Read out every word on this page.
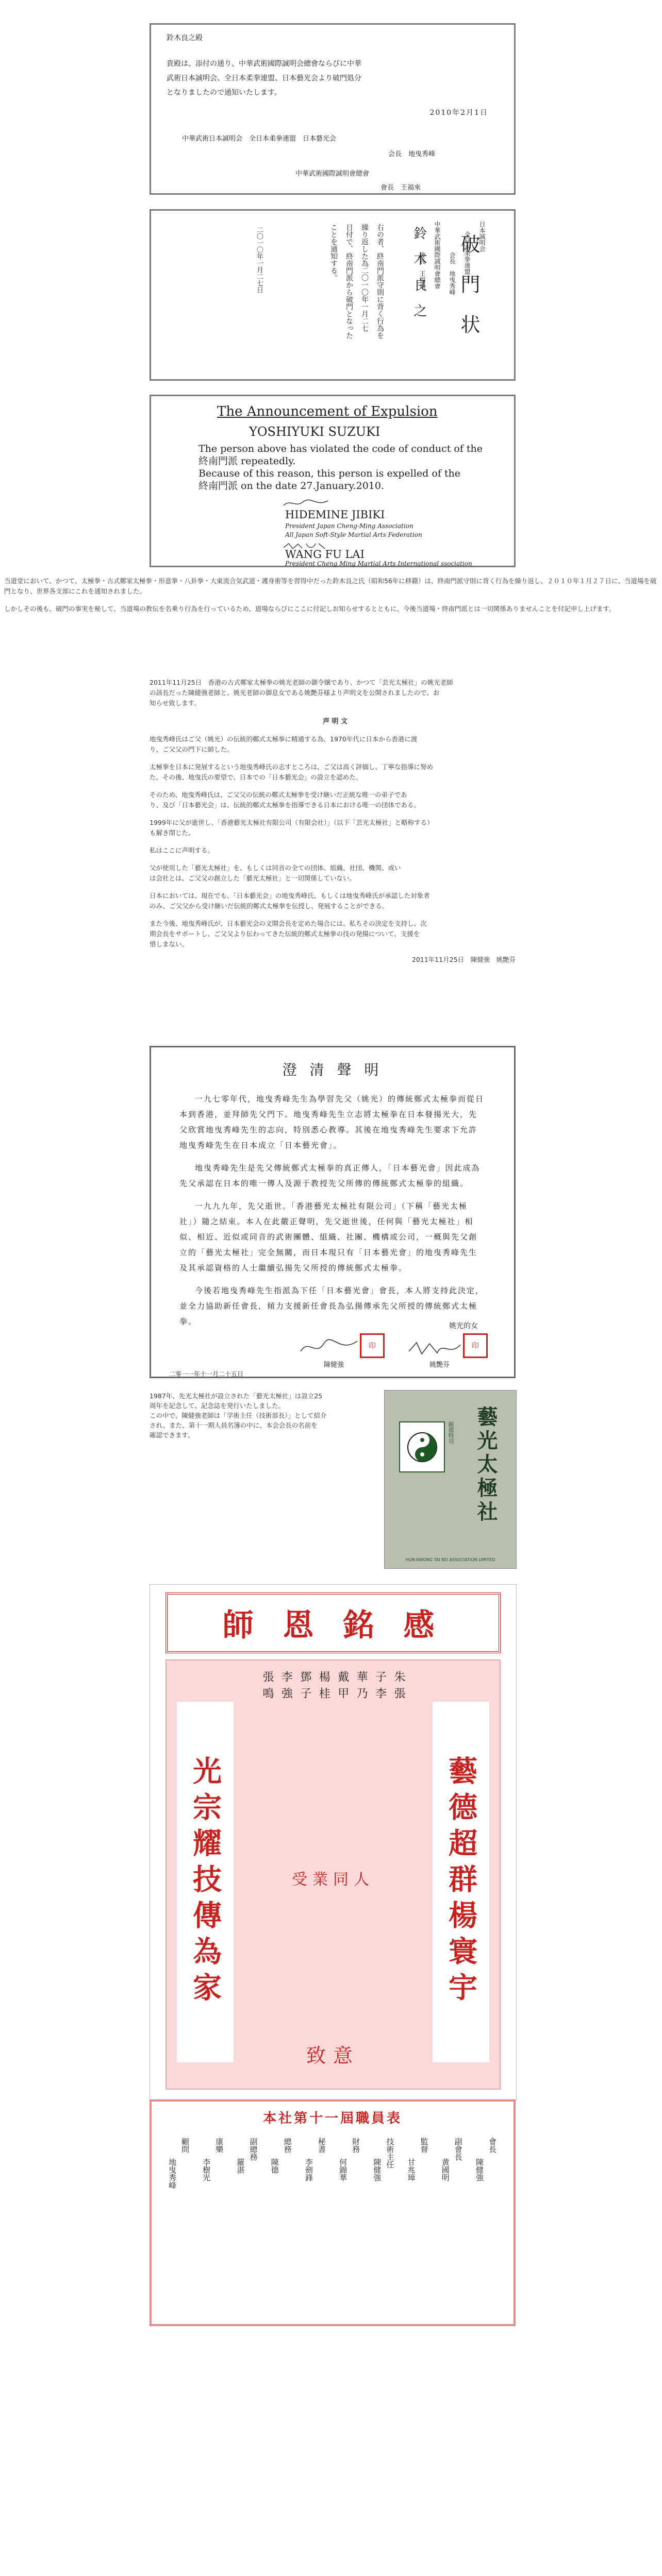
鈴木良之殿

貴殿は、添付の通り、中華武術國際誠明会總會ならびに中華

武術日本誠明会、全日本柔拳連盟、日本藝光会より破門処分

となりましたので通知いたします。

2010年2月1日
中華武術日本誠明会　全日本柔拳連盟　日本藝光会
会長　地曳秀峰
中華武術國際誠明會總會
會長　王福來
破 門 状
鈴 木 良 之
右の者、終南門派守則に背く行為を
繰り返した為二〇一〇年一月二七
日付で、終南門派から破門となった
ことを通知する。
二〇一〇年一月二七日	日本誠明会
全日本柔拳連盟
会長　地曳秀峰
中華武術國際誠明會總會
會長　王福來
The Announcement of Expulsion
YOSHIYUKI SUZUKI

The person above has violated the code of conduct of the

終南門派 repeatedly.

Because of this reason, this person is expelled of the

終南門派 on the date 27.January.2010.

HIDEMINE JIBIKI
President Japan Cheng-Ming Association
All Japan Soft-Style Martial Arts Federation
WANG FU LAI
President Cheng Ming Martial Arts International ssociation

当道堂において、かつて、太極拳・古式鄭家太極拳・形意拳・八卦拳・大東流合気武道・護身術等を習得中だった鈴木良之氏（昭和56年に移籍）は、終南門派守則に背く行為を繰り返し、２０１０年１月２７日に、当道場を破門となり、世界各支部にこれを通知されました。

しかしその後も、破門の事実を秘して、当道場の教伝を名乗り行為を行っているため、道場ならびにここに付記しお知らせするとともに、今後当道場・終南門派とは一切関係ありませんことを付記申し上げます。

2011年11月25日　香港の古式鄭家太極拳の姚光老師の御令嬢であり、かつて「芸光太極社」の姚光老師

の該長だった陳健強老師と、姚光老師の御息女である姚艶芬様より声明文を公開されましたので、お

知らせ致します。

声 明 文

地曳秀峰氏はご父（姚光）の伝統的鄭式太極拳に精通する為、1970年代に日本から香港に渡

り、ご父父の門下に師した。

太極拳を日本に発展するという地曳秀峰氏の志すところは、ご父は高く評価し、丁寧な指導に努め

た。その後、地曳氏の要望で、日本での「日本藝光会」の設立を認めた。

そのため、地曳秀峰氏は、ご父父の伝統の鄭式太極拳を受け継いだ正統な唯一の弟子であ

り、及び「日本藝光会」は、伝統的鄭式太極拳を指導できる日本における唯一の団体である。

1999年に父が逝世し、「香港藝光太極社有限公司（有限会社）」（以下「芸光太極社」と略称する）

も解き閉じた。

私はここに声明する。

父が使用した「藝光太極社」を、もしくは同音の全ての団体、組織、社団、機関、或い

は会社とは、ご父父の創立した「藝光太極社」と一切関係していない。

日本においては、現在でも、「日本藝光会」の地曳秀峰氏、もしくは地曳秀峰氏が承認した対象者

のみ、ご父父から受け継いだ伝統的鄭式太極拳を伝授し、発展することができる。

また今後、地曳秀峰氏が、日本藝光会の文開会長を定めた場合には、私ちその決定を支持し、次

期会長をサポートし、ご父父より伝わってきた伝統的鄭式太極拳の技の発揚について、支援を

惜しまない。

2011年11月25日　陳健強　姚艶芬
澄 清 聲 明

一九七零年代，地曳秀峰先生為學習先父（姚光）的傳統鄭式太極拳而從日本到香港，並拜師先父門下。地曳秀峰先生立志將太極拳在日本發揚光大，先父欣賞地曳秀峰先生的志向，特別悉心教導。其後在地曳秀峰先生要求下允許地曳秀峰先生在日本成立「日本藝光會」。

地曳秀峰先生是先父傳統鄭式太極拳的真正傳人，「日本藝光會」因此成為先父承認在日本的唯一傳人及源于教授先父所傳的傳統鄭式太極拳的組織。

一九九九年，先父逝世。「香港藝光太極社有限公司」（下稱「藝光太極社」）隨之結束。本人在此嚴正聲明，先父逝世後，任何與「藝光太極社」相似、相近、近似或同音的武術團體、組織、社團、機構或公司，一概與先父創立的「藝光太極社」完全無關，而日本現只有「日本藝光會」的地曳秀峰先生及其承認資格的人士繼續弘揚先父所授的傳統鄭式太極拳。

今後若地曳秀峰先生指派為下任「日本藝光會」會長，本人將支持此決定，並全力協助新任會長，傾力支援新任會長為弘揚傳承先父所授的傳統鄭式太極拳。	姚光的女
印
陳健強
印
姚艷芬
二零一一年十一月二十五日

1987年、先光太極社が設立された「藝光太極社」は設立25

周年を記念して、記念誌を発行いたしました。

この中で、陳健強老師は「学術主任（技術部長）」として紹介

され、また、第十一期人員名簿の中に、本会会長の名前を

確認できます。	銀禧特刊 藝光太極社
HON KWONG TAI KEI ASSOCIATION LIMITED
師 恩 銘 感
光宗耀技傳為家	藝德超群楊寰宇
朱張
子李
華乃
戴甲
楊桂
鄧子
李強
張鳴
受業同人
致意
本社第十一屆職員表
會長
陳健強
副會長
黄國明
監督
甘兆璋
技術主任
陳健強
財務
何錦華
秘書
李劍鋒
總務
陳德
副總務
羅湛
康樂
李樹光
顧問
地曳秀峰
